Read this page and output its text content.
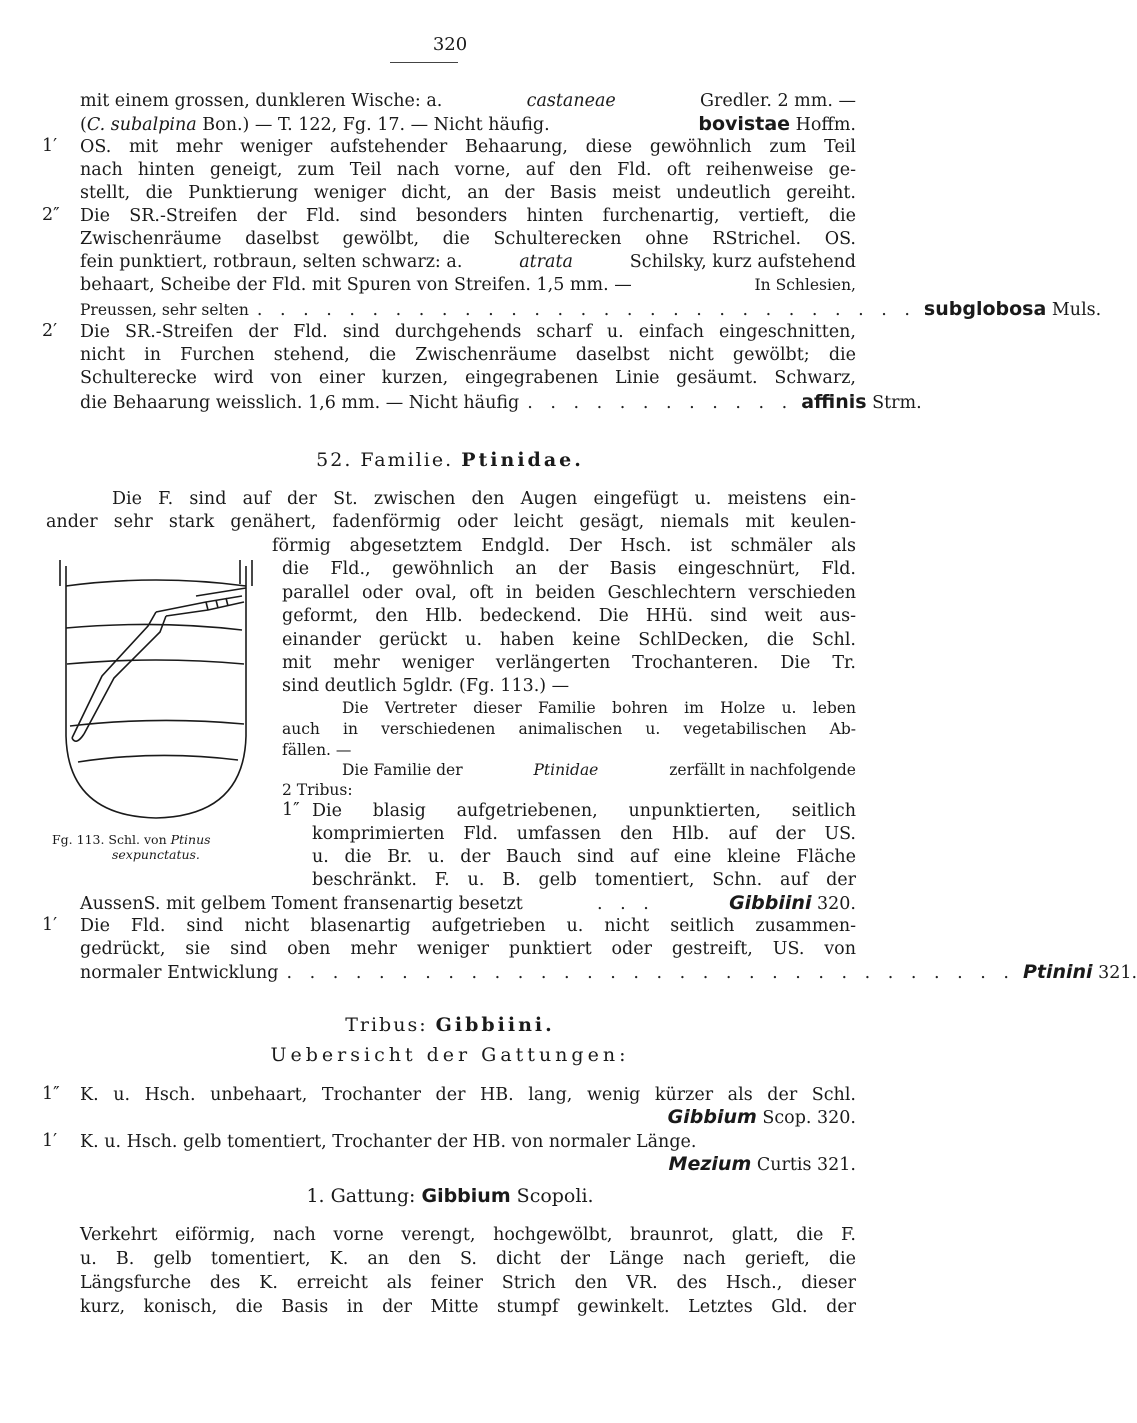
320
mit einem grossen, dunkleren Wische: a.	castaneae	Gredler. 2 mm. —
(C. subalpina Bon.) — T. 122, Fg. 17. — Nicht häufig.	bovistae Hoffm.
1′ OS. mit mehr weniger aufstehender Behaarung, diese gewöhnlich zum Teil
nach hinten geneigt, zum Teil nach vorne, auf den Fld. oft reihenweise ge-
stellt, die Punktierung weniger dicht, an der Basis meist undeutlich gereiht.
2″ Die SR.-Streifen der Fld. sind besonders hinten furchenartig, vertieft, die
Zwischenräume daselbst gewölbt, die Schulterecken ohne RStrichel. OS.
fein punktiert, rotbraun, selten schwarz: a.	atrata	Schilsky, kurz aufstehend
behaart, Scheibe der Fld. mit Spuren von Streifen. 1,5 mm. —	In Schlesien,
Preussen, sehr selten . . . . . . . . . . . . . . . . . . . . . . . . . . . . . subglobosa Muls.
2′ Die SR.-Streifen der Fld. sind durchgehends scharf u. einfach eingeschnitten,
nicht in Furchen stehend, die Zwischenräume daselbst nicht gewölbt; die
Schulterecke wird von einer kurzen, eingegrabenen Linie gesäumt. Schwarz,
die Behaarung weisslich. 1,6 mm. — Nicht häufig . . . . . . . . . . . . affinis Strm.
52. Familie. Ptinidae.
Die F. sind auf der St. zwischen den Augen eingefügt u. meistens ein-
ander sehr stark genähert, fadenförmig oder leicht gesägt, niemals mit keulen-
förmig abgesetztem Endgld. Der Hsch. ist schmäler als
die Fld., gewöhnlich an der Basis eingeschnürt, Fld.
parallel oder oval, oft in beiden Geschlechtern verschieden
geformt, den Hlb. bedeckend. Die HHü. sind weit aus-
einander gerückt u. haben keine SchlDecken, die Schl.
mit mehr weniger verlängerten Trochanteren. Die Tr.
sind deutlich 5gldr. (Fg. 113.) —
Die Vertreter dieser Familie bohren im Holze u. leben
auch in verschiedenen animalischen u. vegetabilischen Ab-
fällen. —
Die Familie der	Ptinidae	zerfällt in nachfolgende
2 Tribus:
1″ Die blasig aufgetriebenen, unpunktierten, seitlich
komprimierten Fld. umfassen den Hlb. auf der US.
u. die Br. u. der Bauch sind auf eine kleine Fläche
beschränkt. F. u. B. gelb tomentiert, Schn. auf der
AussenS. mit gelbem Toment fransenartig besetzt	. . .	Gibbiini 320.
1′ Die Fld. sind nicht blasenartig aufgetrieben u. nicht seitlich zusammen-
gedrückt, sie sind oben mehr weniger punktiert oder gestreift, US. von
normaler Entwicklung . . . . . . . . . . . . . . . . . . . . . . . . . . . . . . . . Ptinini 321.
Fg. 113. Schl. von Ptinus
sexpunctatus.
Tribus: Gibbiini.
Uebersicht der Gattungen:
1″ K. u. Hsch. unbehaart, Trochanter der HB. lang, wenig kürzer als der Schl.
Gibbium
Scop. 320.
1′ K. u. Hsch. gelb tomentiert, Trochanter der HB. von normaler Länge.
Mezium
Curtis 321.
1. Gattung: Gibbium Scopoli.
Verkehrt eiförmig, nach vorne verengt, hochgewölbt, braunrot, glatt, die F.
u. B. gelb tomentiert, K. an den S. dicht der Länge nach gerieft, die
Längsfurche des K. erreicht als feiner Strich den VR. des Hsch., dieser
kurz, konisch, die Basis in der Mitte stumpf gewinkelt. Letztes Gld. der
